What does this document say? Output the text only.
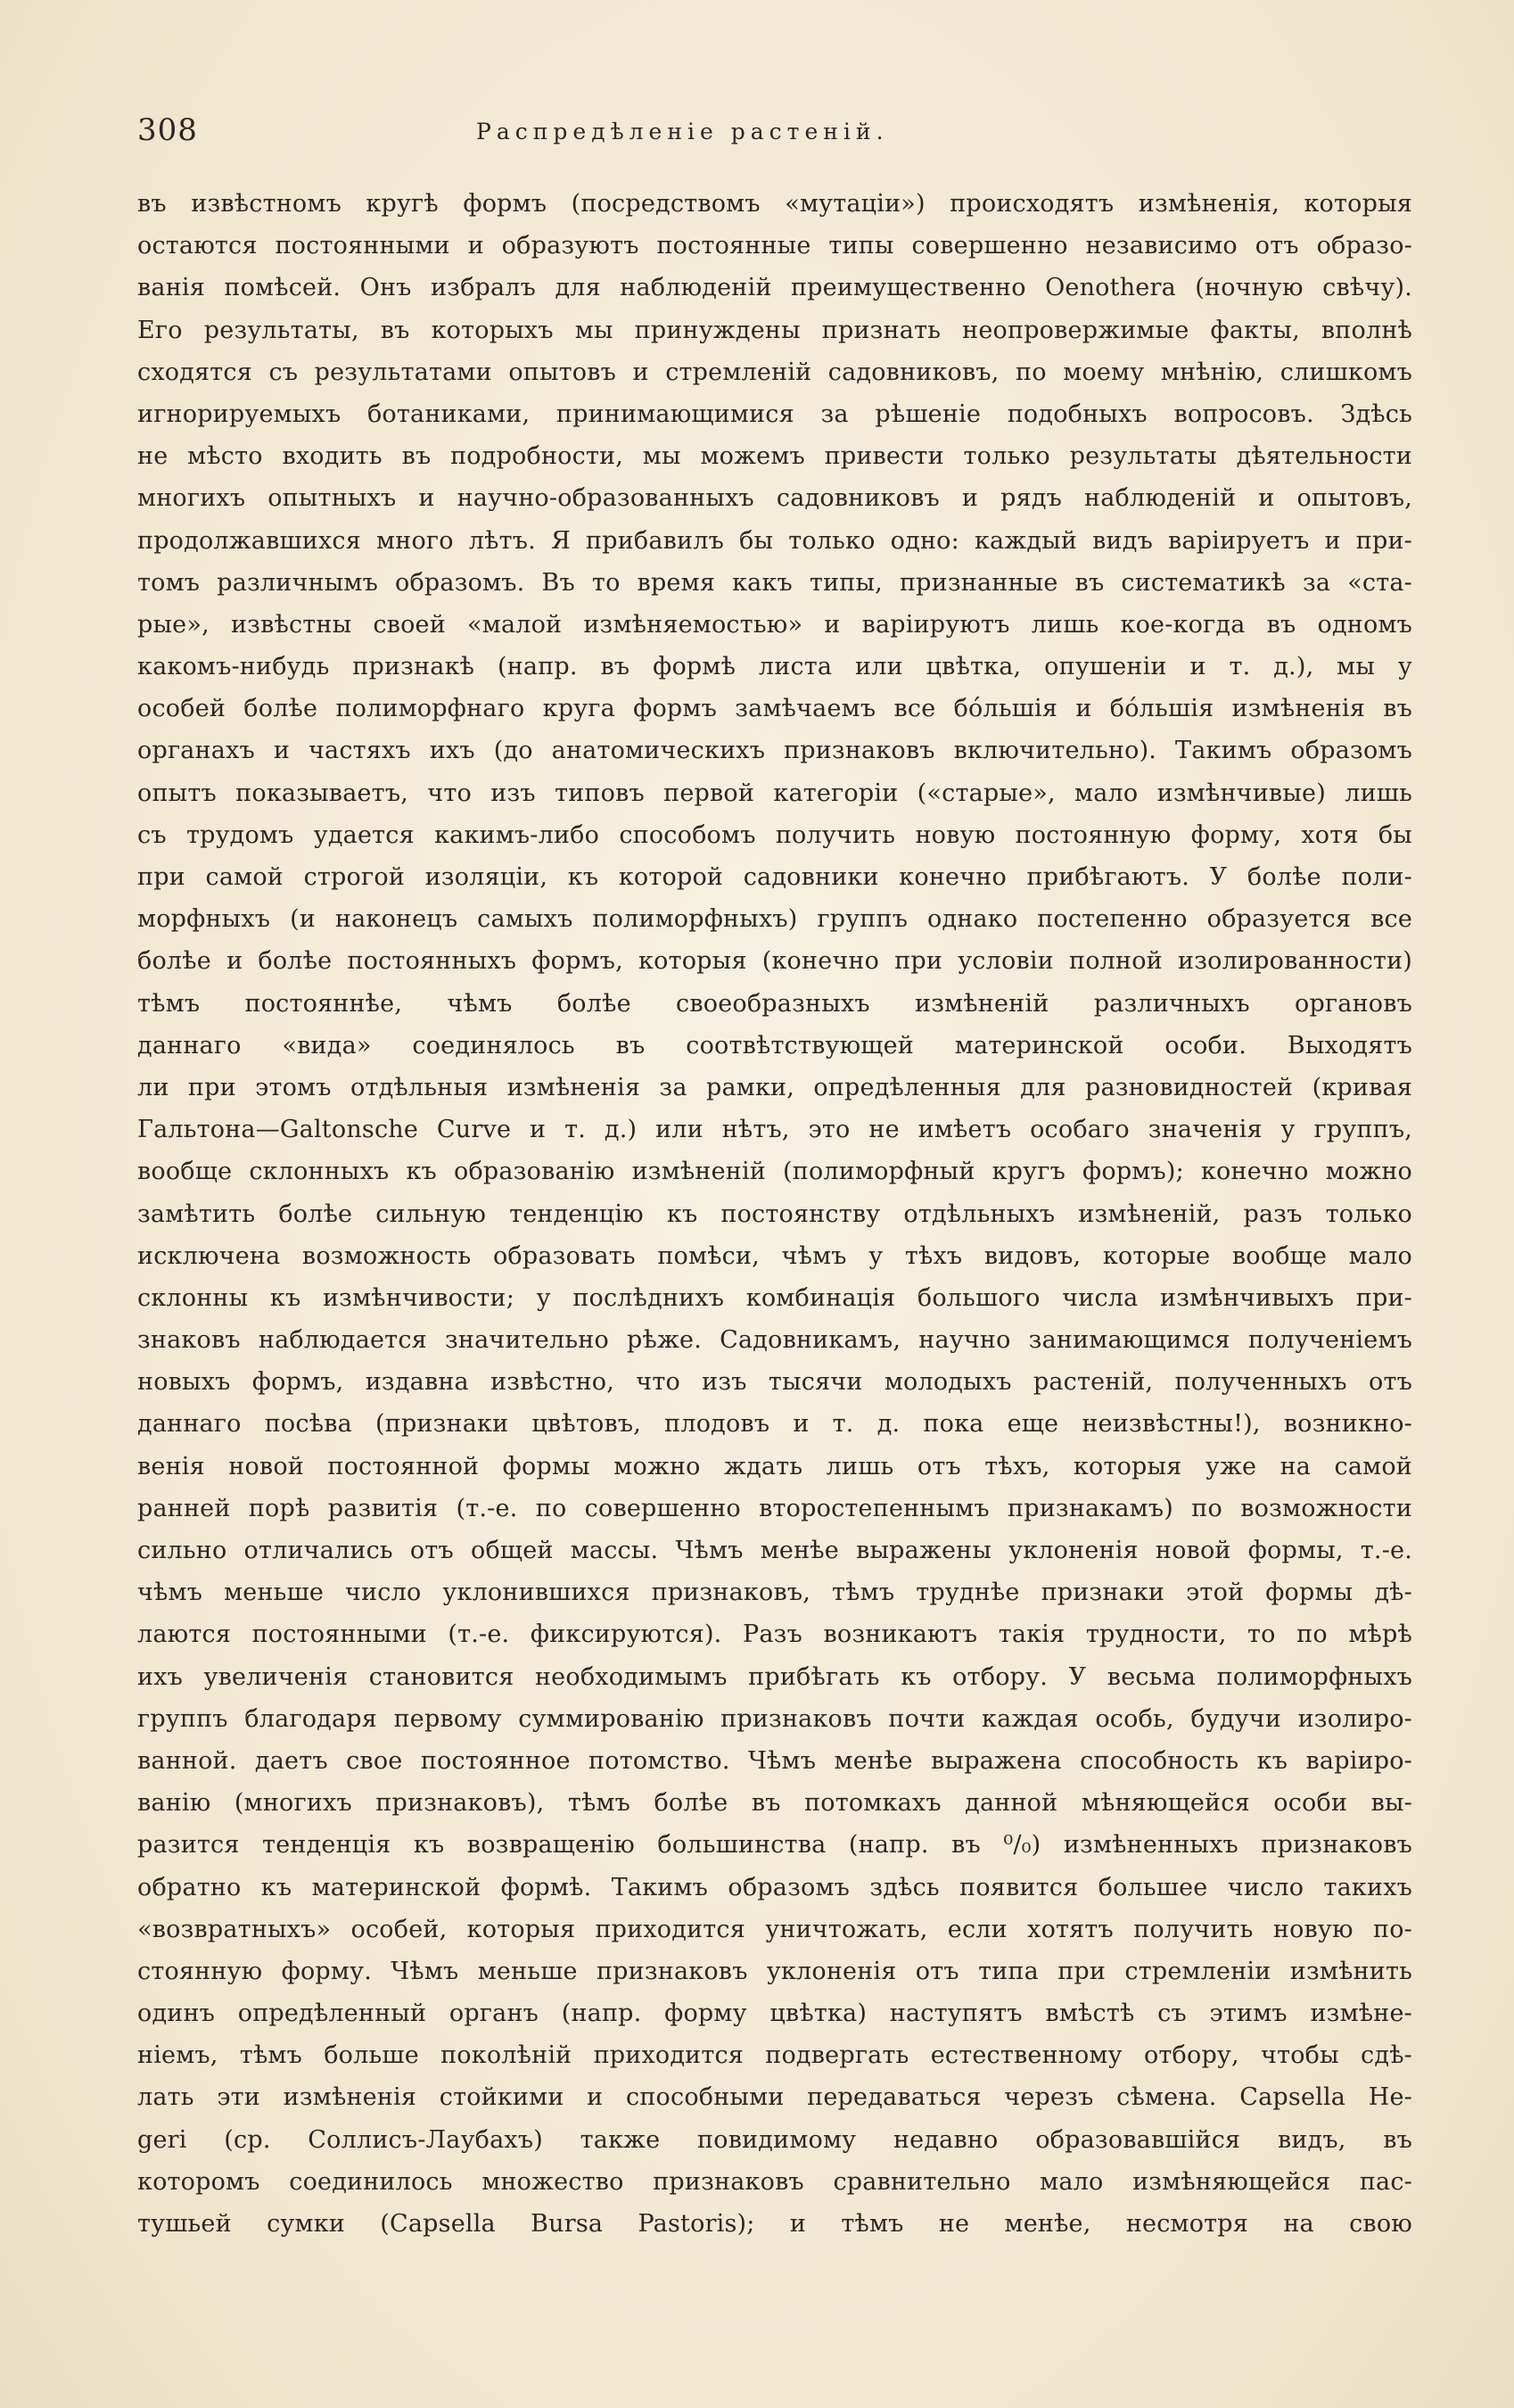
308	Распредѣленіе растеній.
въ извѣстномъ кругѣ формъ (посредствомъ «мутаціи») происходятъ измѣненія, которыя
остаются постоянными и образуютъ постоянные типы совершенно независимо отъ образо-
ванія помѣсей. Онъ избралъ для наблюденій преимущественно Oenothera (ночную свѣчу).
Его результаты, въ которыхъ мы принуждены признать неопровержимые факты, вполнѣ
сходятся съ результатами опытовъ и стремленій садовниковъ, по моему мнѣнію, слишкомъ
игнорируемыхъ ботаниками, принимающимися за рѣшеніе подобныхъ вопросовъ. Здѣсь
не мѣсто входить въ подробности, мы можемъ привести только результаты дѣятельности
многихъ опытныхъ и научно-образованныхъ садовниковъ и рядъ наблюденій и опытовъ,
продолжавшихся много лѣтъ. Я прибавилъ бы только одно: каждый видъ варіируетъ и при-
томъ различнымъ образомъ. Въ то время какъ типы, признанные въ систематикѣ за «ста-
рые», извѣстны своей «малой измѣняемостью» и варіируютъ лишь кое-когда въ одномъ
какомъ-нибудь признакѣ (напр. въ формѣ листа или цвѣтка, опушеніи и т. д.), мы у
особей болѣе полиморфнаго круга формъ замѣчаемъ все бо́льшія и бо́льшія измѣненія въ
органахъ и частяхъ ихъ (до анатомическихъ признаковъ включительно). Такимъ образомъ
опытъ показываетъ, что изъ типовъ первой категоріи («старые», мало измѣнчивые) лишь
съ трудомъ удается какимъ-либо способомъ получить новую постоянную форму, хотя бы
при самой строгой изоляціи, къ которой садовники конечно прибѣгаютъ. У болѣе поли-
морфныхъ (и наконецъ самыхъ полиморфныхъ) группъ однако постепенно образуется все
болѣе и болѣе постоянныхъ формъ, которыя (конечно при условіи полной изолированности)
тѣмъ постояннѣе, чѣмъ болѣе своеобразныхъ измѣненій различныхъ органовъ
даннаго «вида» соединялось въ соотвѣтствующей материнской особи. Выходятъ
ли при этомъ отдѣльныя измѣненія за рамки, опредѣленныя для разновидностей (кривая
Гальтона—Galtonsche Curve и т. д.) или нѣтъ, это не имѣетъ особаго значенія у группъ,
вообще склонныхъ къ образованію измѣненій (полиморфный кругъ формъ); конечно можно
замѣтить болѣе сильную тенденцію къ постоянству отдѣльныхъ измѣненій, разъ только
исключена возможность образовать помѣси, чѣмъ у тѣхъ видовъ, которые вообще мало
склонны къ измѣнчивости; у послѣднихъ комбинація большого числа измѣнчивыхъ при-
знаковъ наблюдается значительно рѣже. Садовникамъ, научно занимающимся полученіемъ
новыхъ формъ, издавна извѣстно, что изъ тысячи молодыхъ растеній, полученныхъ отъ
даннаго посѣва (признаки цвѣтовъ, плодовъ и т. д. пока еще неизвѣстны!), возникно-
венія новой постоянной формы можно ждать лишь отъ тѣхъ, которыя уже на самой
ранней порѣ развитія (т.-е. по совершенно второстепеннымъ признакамъ) по возможности
сильно отличались отъ общей массы. Чѣмъ менѣе выражены уклоненія новой формы, т.-е.
чѣмъ меньше число уклонившихся признаковъ, тѣмъ труднѣе признаки этой формы дѣ-
лаются постоянными (т.-е. фиксируются). Разъ возникаютъ такія трудности, то по мѣрѣ
ихъ увеличенія становится необходимымъ прибѣгать къ отбору. У весьма полиморфныхъ
группъ благодаря первому суммированію признаковъ почти каждая особь, будучи изолиро-
ванной. даетъ свое постоянное потомство. Чѣмъ менѣе выражена способность къ варіиро-
ванію (многихъ признаковъ), тѣмъ болѣе въ потомкахъ данной мѣняющейся особи вы-
разится тенденція къ возвращенію большинства (напр. въ ⁰/₀) измѣненныхъ признаковъ
обратно къ материнской формѣ. Такимъ образомъ здѣсь появится большее число такихъ
«возвратныхъ» особей, которыя приходится уничтожать, если хотятъ получить новую по-
стоянную форму. Чѣмъ меньше признаковъ уклоненія отъ типа при стремленіи измѣнить
одинъ опредѣленный органъ (напр. форму цвѣтка) наступятъ вмѣстѣ съ этимъ измѣне-
ніемъ, тѣмъ больше поколѣній приходится подвергать естественному отбору, чтобы сдѣ-
лать эти измѣненія стойкими и способными передаваться черезъ сѣмена. Capsella He-
geri (ср. Соллисъ-Лаубахъ) также повидимому недавно образовавшійся видъ, въ
которомъ соединилось множество признаковъ сравнительно мало измѣняющейся пас-
тушьей сумки (Capsella Bursa Pastoris); и тѣмъ не менѣе, несмотря на свою
